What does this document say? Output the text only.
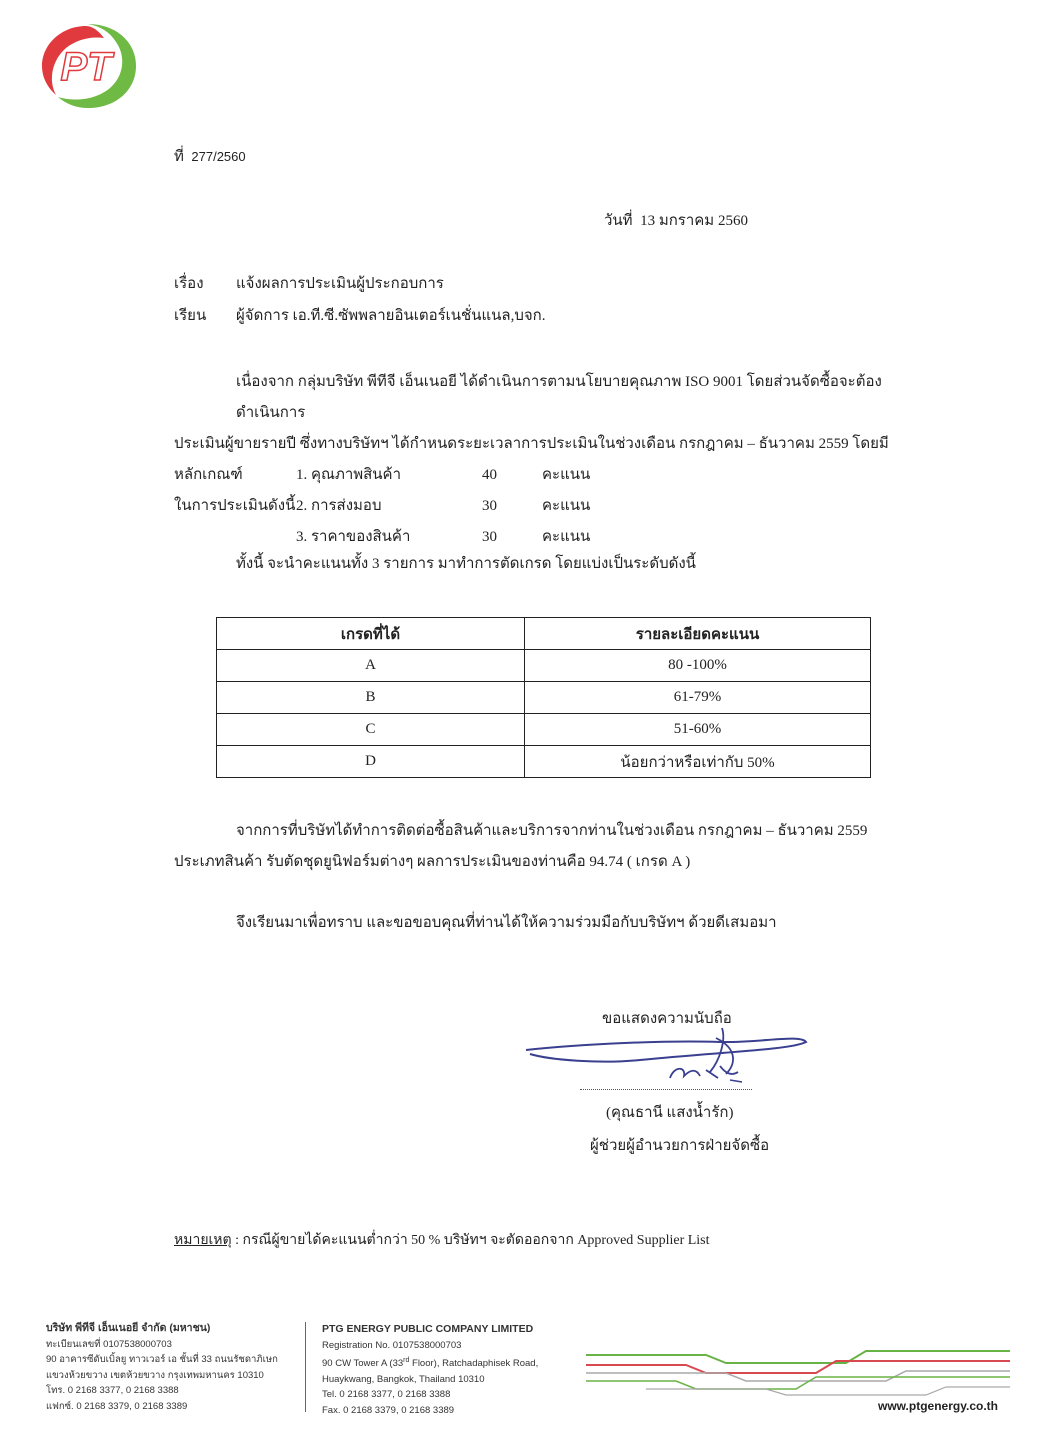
PT
ที่ 277/2560
วันที่ 13 มกราคม 2560
เรื่อง แจ้งผลการประเมินผู้ประกอบการ
เรียน ผู้จัดการ เอ.ที.ซี.ซัพพลายอินเตอร์เนชั่นแนล,บจก.
เนื่องจาก กลุ่มบริษัท พีทีจี เอ็นเนอยี ได้ดำเนินการตามนโยบายคุณภาพ ISO 9001 โดยส่วนจัดซื้อจะต้องดำเนินการ
ประเมินผู้ขายรายปี ซึ่งทางบริษัทฯ ได้กำหนดระยะเวลาการประเมินในช่วงเดือน กรกฎาคม – ธันวาคม 2559 โดยมีหลักเกณฑ์
ในการประเมินดังนี้
1. คุณภาพสินค้า	40	คะแนน
2. การส่งมอบ	30	คะแนน
3. ราคาของสินค้า	30	คะแนน
ทั้งนี้ จะนำคะแนนทั้ง 3 รายการ มาทำการตัดเกรด โดยแบ่งเป็นระดับดังนี้
เกรดที่ได้	รายละเอียดคะแนน
A	80 -100%
B	61-79%
C	51-60%
D	น้อยกว่าหรือเท่ากับ 50%
จากการที่บริษัทได้ทำการติดต่อซื้อสินค้าและบริการจากท่านในช่วงเดือน กรกฎาคม – ธันวาคม 2559
ประเภทสินค้า รับตัดชุดยูนิฟอร์มต่างๆ ผลการประเมินของท่านคือ 94.74 ( เกรด A )
จึงเรียนมาเพื่อทราบ และขอขอบคุณที่ท่านได้ให้ความร่วมมือกับบริษัทฯ ด้วยดีเสมอมา
ขอแสดงความนับถือ
(คุณธานี แสงน้ำรัก)
ผู้ช่วยผู้อำนวยการฝ่ายจัดซื้อ
หมายเหตุ : กรณีผู้ขายได้คะแนนต่ำกว่า 50 % บริษัทฯ จะตัดออกจาก Approved Supplier List
บริษัท พีทีจี เอ็นเนอยี จำกัด (มหาชน)
ทะเบียนเลขที่ 0107538000703
90 อาคารซีดับเบิ้ลยู ทาวเวอร์ เอ ชั้นที่ 33 ถนนรัชดาภิเษก
แขวงห้วยขวาง เขตห้วยขวาง กรุงเทพมหานคร 10310
โทร. 0 2168 3377, 0 2168 3388
แฟกซ์. 0 2168 3379, 0 2168 3389
PTG ENERGY PUBLIC COMPANY LIMITED
Registration No. 0107538000703
90 CW Tower A (33rd Floor), Ratchadaphisek Road,
Huaykwang, Bangkok, Thailand 10310
Tel. 0 2168 3377, 0 2168 3388
Fax. 0 2168 3379, 0 2168 3389	www.ptgenergy.co.th
